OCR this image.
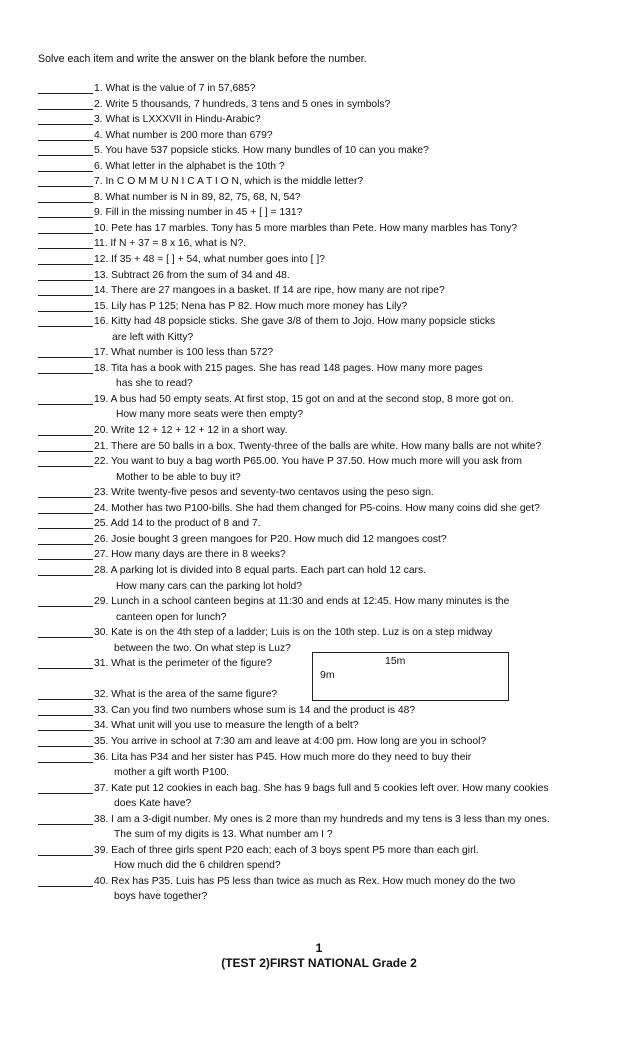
Solve each item and write the answer on the blank before the number.
1. What is the value of 7 in 57,685?
2. Write 5 thousands, 7 hundreds, 3 tens and 5 ones in symbols?
3. What is LXXXVII in Hindu-Arabic?
4. What number is 200 more than 679?
5. You have 537 popsicle sticks. How many bundles of 10 can you make?
6. What letter in the alphabet is the 10th ?
7. In C O M M U N I C A T I O N, which is the middle letter?
8. What number is N in 89, 82, 75, 68, N, 54?
9. Fill in the missing number in 45 + [ ] = 131?
10. Pete has 17 marbles. Tony has 5 more marbles than Pete. How many marbles has Tony?
11. If N + 37 = 8 x 16, what is N?.
12. If 35 + 48 = [ ] + 54, what number goes into [ ]?
13. Subtract 26 from the sum of 34 and 48.
14. There are 27 mangoes in a basket. If 14 are ripe, how many are not ripe?
15. Lily has P 125; Nena has P 82. How much more money has Lily?
16. Kitty had 48 popsicle sticks. She gave 3/8 of them to Jojo. How many popsicle sticks
are left with Kitty?
17. What number is 100 less than 572?
18. Tita has a book with 215 pages. She has read 148 pages. How many more pages
has she to read?
19. A bus had 50 empty seats. At first stop, 15 got on and at the second stop, 8 more got on.
How many more seats were then empty?
20. Write 12 + 12 + 12 + 12 in a short way.
21. There are 50 balls in a box. Twenty-three of the balls are white. How many balls are not white?
22. You want to buy a bag worth P65.00. You have P 37.50. How much more will you ask from
Mother to be able to buy it?
23. Write twenty-five pesos and seventy-two centavos using the peso sign.
24. Mother has two P100-bills. She had them changed for P5-coins. How many coins did she get?
25. Add 14 to the product of 8 and 7.
26. Josie bought 3 green mangoes for P20. How much did 12 mangoes cost?
27. How many days are there in 8 weeks?
28. A parking lot is divided into 8 equal parts. Each part can hold 12 cars.
How many cars can the parking lot hold?
29. Lunch in a school canteen begins at 11:30 and ends at 12:45. How many minutes is the
canteen open for lunch?
30. Kate is on the 4th step of a ladder; Luis is on the 10th step. Luz is on a step midway
between the two. On what step is Luz?
31. What is the perimeter of the figure?
32. What is the area of the same figure?
33. Can you find two numbers whose sum is 14 and the product is 48?
34. What unit will you use to measure the length of a belt?
35. You arrive in school at 7:30 am and leave at 4:00 pm. How long are you in school?
36. Lita has P34 and her sister has P45. How much more do they need to buy their
mother a gift worth P100.
37. Kate put 12 cookies in each bag. She has 9 bags full and 5 cookies left over. How many cookies
does Kate have?
38. I am a 3-digit number. My ones is 2 more than my hundreds and my tens is 3 less than my ones.
The sum of my digits is 13. What number am I ?
39. Each of three girls spent P20 each; each of 3 boys spent P5 more than each girl.
How much did the 6 children spend?
40. Rex has P35. Luis has P5 less than twice as much as Rex. How much money do the two
boys have together?
15m
9m
1
(TEST 2)FIRST NATIONAL Grade 2
